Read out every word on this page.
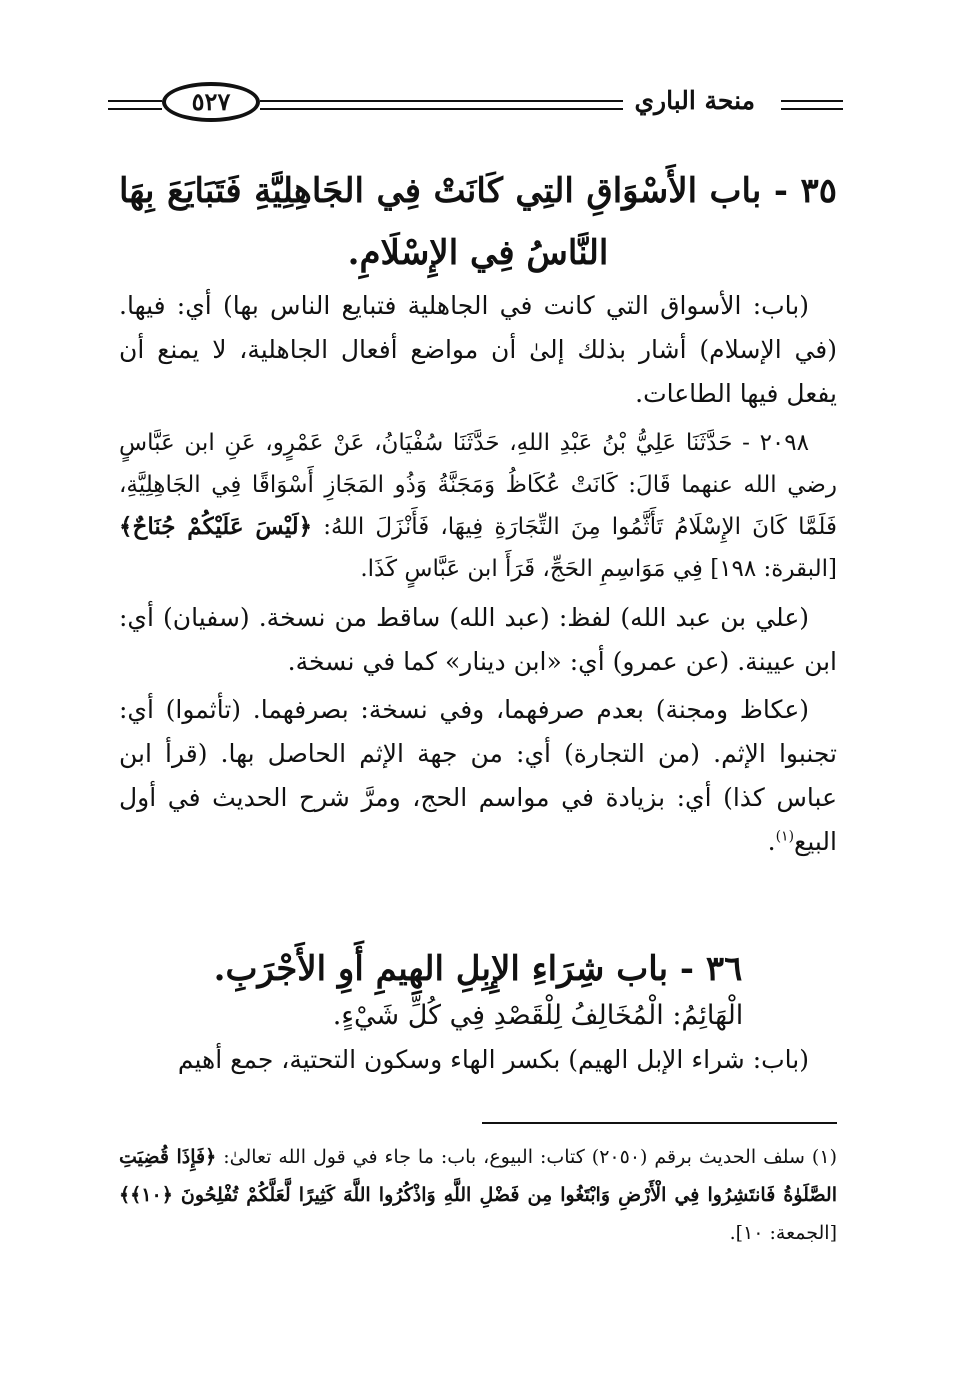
منحة الباري
٥٢٧
٣٥ - باب الأَسْوَاقِ التِي كَانَتْ فِي الجَاهِلِيَّةِ فَتَبَايَعَ بِهَا النَّاسُ فِي الإِسْلَامِ.
(باب: الأسواق التي كانت في الجاهلية فتبايع الناس بها) أي: فيها. (في الإسلام) أشار بذلك إلىٰ أن مواضع أفعال الجاهلية، لا يمنع أن يفعل فيها الطاعات.
٢٠٩٨ - حَدَّثَنَا عَلِيُّ بْنُ عَبْدِ اللهِ، حَدَّثَنَا سُفْيَانُ، عَنْ عَمْرٍو، عَنِ ابن عَبَّاسٍ رضي الله عنهما قَالَ: كَانَتْ عُكَاظُ وَمَجَنَّةُ وَذُو المَجَازِ أَسْوَاقًا فِي الجَاهِلِيَّةِ، فَلَمَّا كَانَ الإِسْلَامُ تَأَثَّمُوا مِنَ التِّجَارَةِ فِيهَا، فَأَنْزَلَ اللهُ: ﴿لَيْسَ عَلَيْكُمْ جُنَاحٌ﴾ [البقرة: ١٩٨] فِي مَوَاسِمِ الحَجِّ، قَرَأَ ابن عَبَّاسٍ كَذَا.
(علي بن عبد الله) لفظ: (عبد الله) ساقط من نسخة. (سفيان) أي: ابن عيينة. (عن عمرو) أي: «ابن دينار» كما في نسخة.
(عكاظ ومجنة) بعدم صرفهما، وفي نسخة: بصرفهما. (تأثموا) أي: تجنبوا الإثم. (من التجارة) أي: من جهة الإثم الحاصل بها. (قرأ ابن عباس كذا) أي: بزيادة في مواسم الحج، ومرَّ شرح الحديث في أول البيع$^{(١)}$.
٣٦ - باب شِرَاءِ الإِبِلِ الهِيمِ أَوِ الأَجْرَبِ.
الْهَائِمُ: الْمُخَالِفُ لِلْقَصْدِ فِي كُلِّ شَيْءٍ.
(باب: شراء الإبل الهيم) بكسر الهاء وسكون التحتية، جمع أهيم
(١) سلف الحديث برقم (٢٠٥٠) كتاب: البيوع، باب: ما جاء في قول الله تعالىٰ: ﴿فَإِذَا قُضِيَتِ الصَّلَوٰةُ فَانتَشِرُوا فِي الْأَرْضِ وَابْتَغُوا مِن فَضْلِ اللَّهِ وَاذْكُرُوا اللَّهَ كَثِيرًا لَّعَلَّكُمْ تُفْلِحُونَ ﴿١٠﴾﴾ [الجمعة: ١٠].
